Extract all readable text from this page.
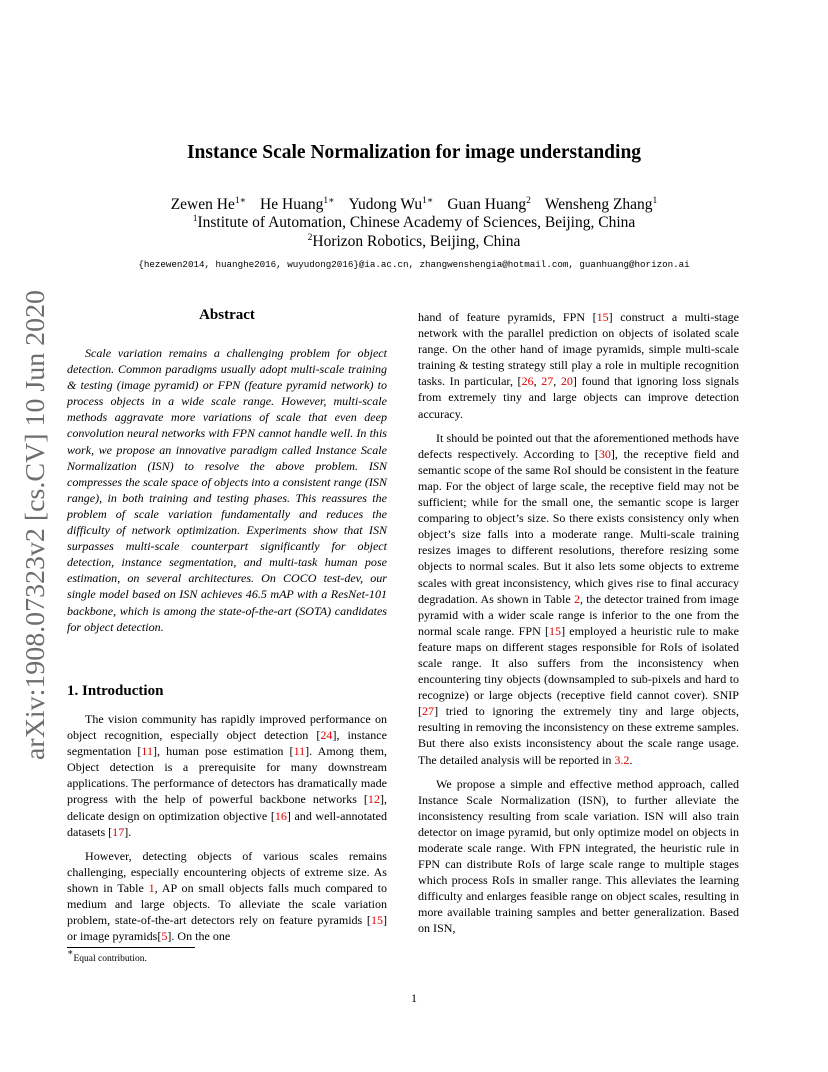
arXiv:1908.07323v2 [cs.CV] 10 Jun 2020
Instance Scale Normalization for image understanding
Zewen $He^{1∗}$ He Huang$^{1∗}$ Yudong $Wu^{1∗}$ Guan Huang$^2$ Wensheng Zhang$^1$
$^1$Institute of Automation, Chinese Academy of Sciences, Beijing, China
$^2$Horizon Robotics, Beijing, China
{hezewen2014, huanghe2016, wuyudong2016}@ia.ac.cn, zhangwenshengia@hotmail.com, guanhuang@horizon.ai
Abstract

Scale variation remains a challenging problem for object detection. Common paradigms usually adopt multi-scale training & testing (image pyramid) or FPN (feature pyramid network) to process objects in a wide scale range. However, multi-scale methods aggravate more variations of scale that even deep convolution neural networks with FPN cannot handle well. In this work, we propose an innovative paradigm called Instance Scale Normalization (ISN) to resolve the above problem. ISN compresses the scale space of objects into a consistent range (ISN range), in both training and testing phases. This reassures the problem of scale variation fundamentally and reduces the difficulty of network optimization. Experiments show that ISN surpasses multi-scale counterpart significantly for object detection, instance segmentation, and multi-task human pose estimation, on several architectures. On COCO test-dev, our single model based on ISN achieves 46.5 mAP with a ResNet-101 backbone, which is among the state-of-the-art (SOTA) candidates for object detection.

1. Introduction

The vision community has rapidly improved performance on object recognition, especially object detection [24], instance segmentation [11], human pose estimation [11]. Among them, Object detection is a prerequisite for many downstream applications. The performance of detectors has dramatically made progress with the help of powerful backbone networks [12], delicate design on optimization objective [16] and well-annotated datasets [17].

However, detecting objects of various scales remains challenging, especially encountering objects of extreme size. As shown in Table 1, AP on small objects falls much compared to medium and large objects. To alleviate the scale variation problem, state-of-the-art detectors rely on feature pyramids [15] or image pyramids[5]. On the one

hand of feature pyramids, FPN [15] construct a multi-stage network with the parallel prediction on objects of isolated scale range. On the other hand of image pyramids, simple multi-scale training & testing strategy still play a role in multiple recognition tasks. In particular, [26, 27, 20] found that ignoring loss signals from extremely tiny and large objects can improve detection accuracy.

It should be pointed out that the aforementioned methods have defects respectively. According to [30], the receptive field and semantic scope of the same RoI should be consistent in the feature map. For the object of large scale, the receptive field may not be sufficient; while for the small one, the semantic scope is larger comparing to object’s size. So there exists consistency only when object’s size falls into a moderate range. Multi-scale training resizes images to different resolutions, therefore resizing some objects to normal scales. But it also lets some objects to extreme scales with great inconsistency, which gives rise to final accuracy degradation. As shown in Table 2, the detector trained from image pyramid with a wider scale range is inferior to the one from the normal scale range. FPN [15] employed a heuristic rule to make feature maps on different stages responsible for RoIs of isolated scale range. It also suffers from the inconsistency when encountering tiny objects (downsampled to sub-pixels and hard to recognize) or large objects (receptive field cannot cover). SNIP [27] tried to ignoring the extremely tiny and large objects, resulting in removing the inconsistency on these extreme samples. But there also exists inconsistency about the scale range usage. The detailed analysis will be reported in 3.2.

We propose a simple and effective method approach, called Instance Scale Normalization (ISN), to further alleviate the inconsistency resulting from scale variation. ISN will also train detector on image pyramid, but only optimize model on objects in moderate scale range. With FPN integrated, the heuristic rule in FPN can distribute RoIs of large scale range to multiple stages which process RoIs in smaller range. This alleviates the learning difficulty and enlarges feasible range on object scales, resulting in more available training samples and better generalization. Based on ISN,

∗Equal contribution.
1
